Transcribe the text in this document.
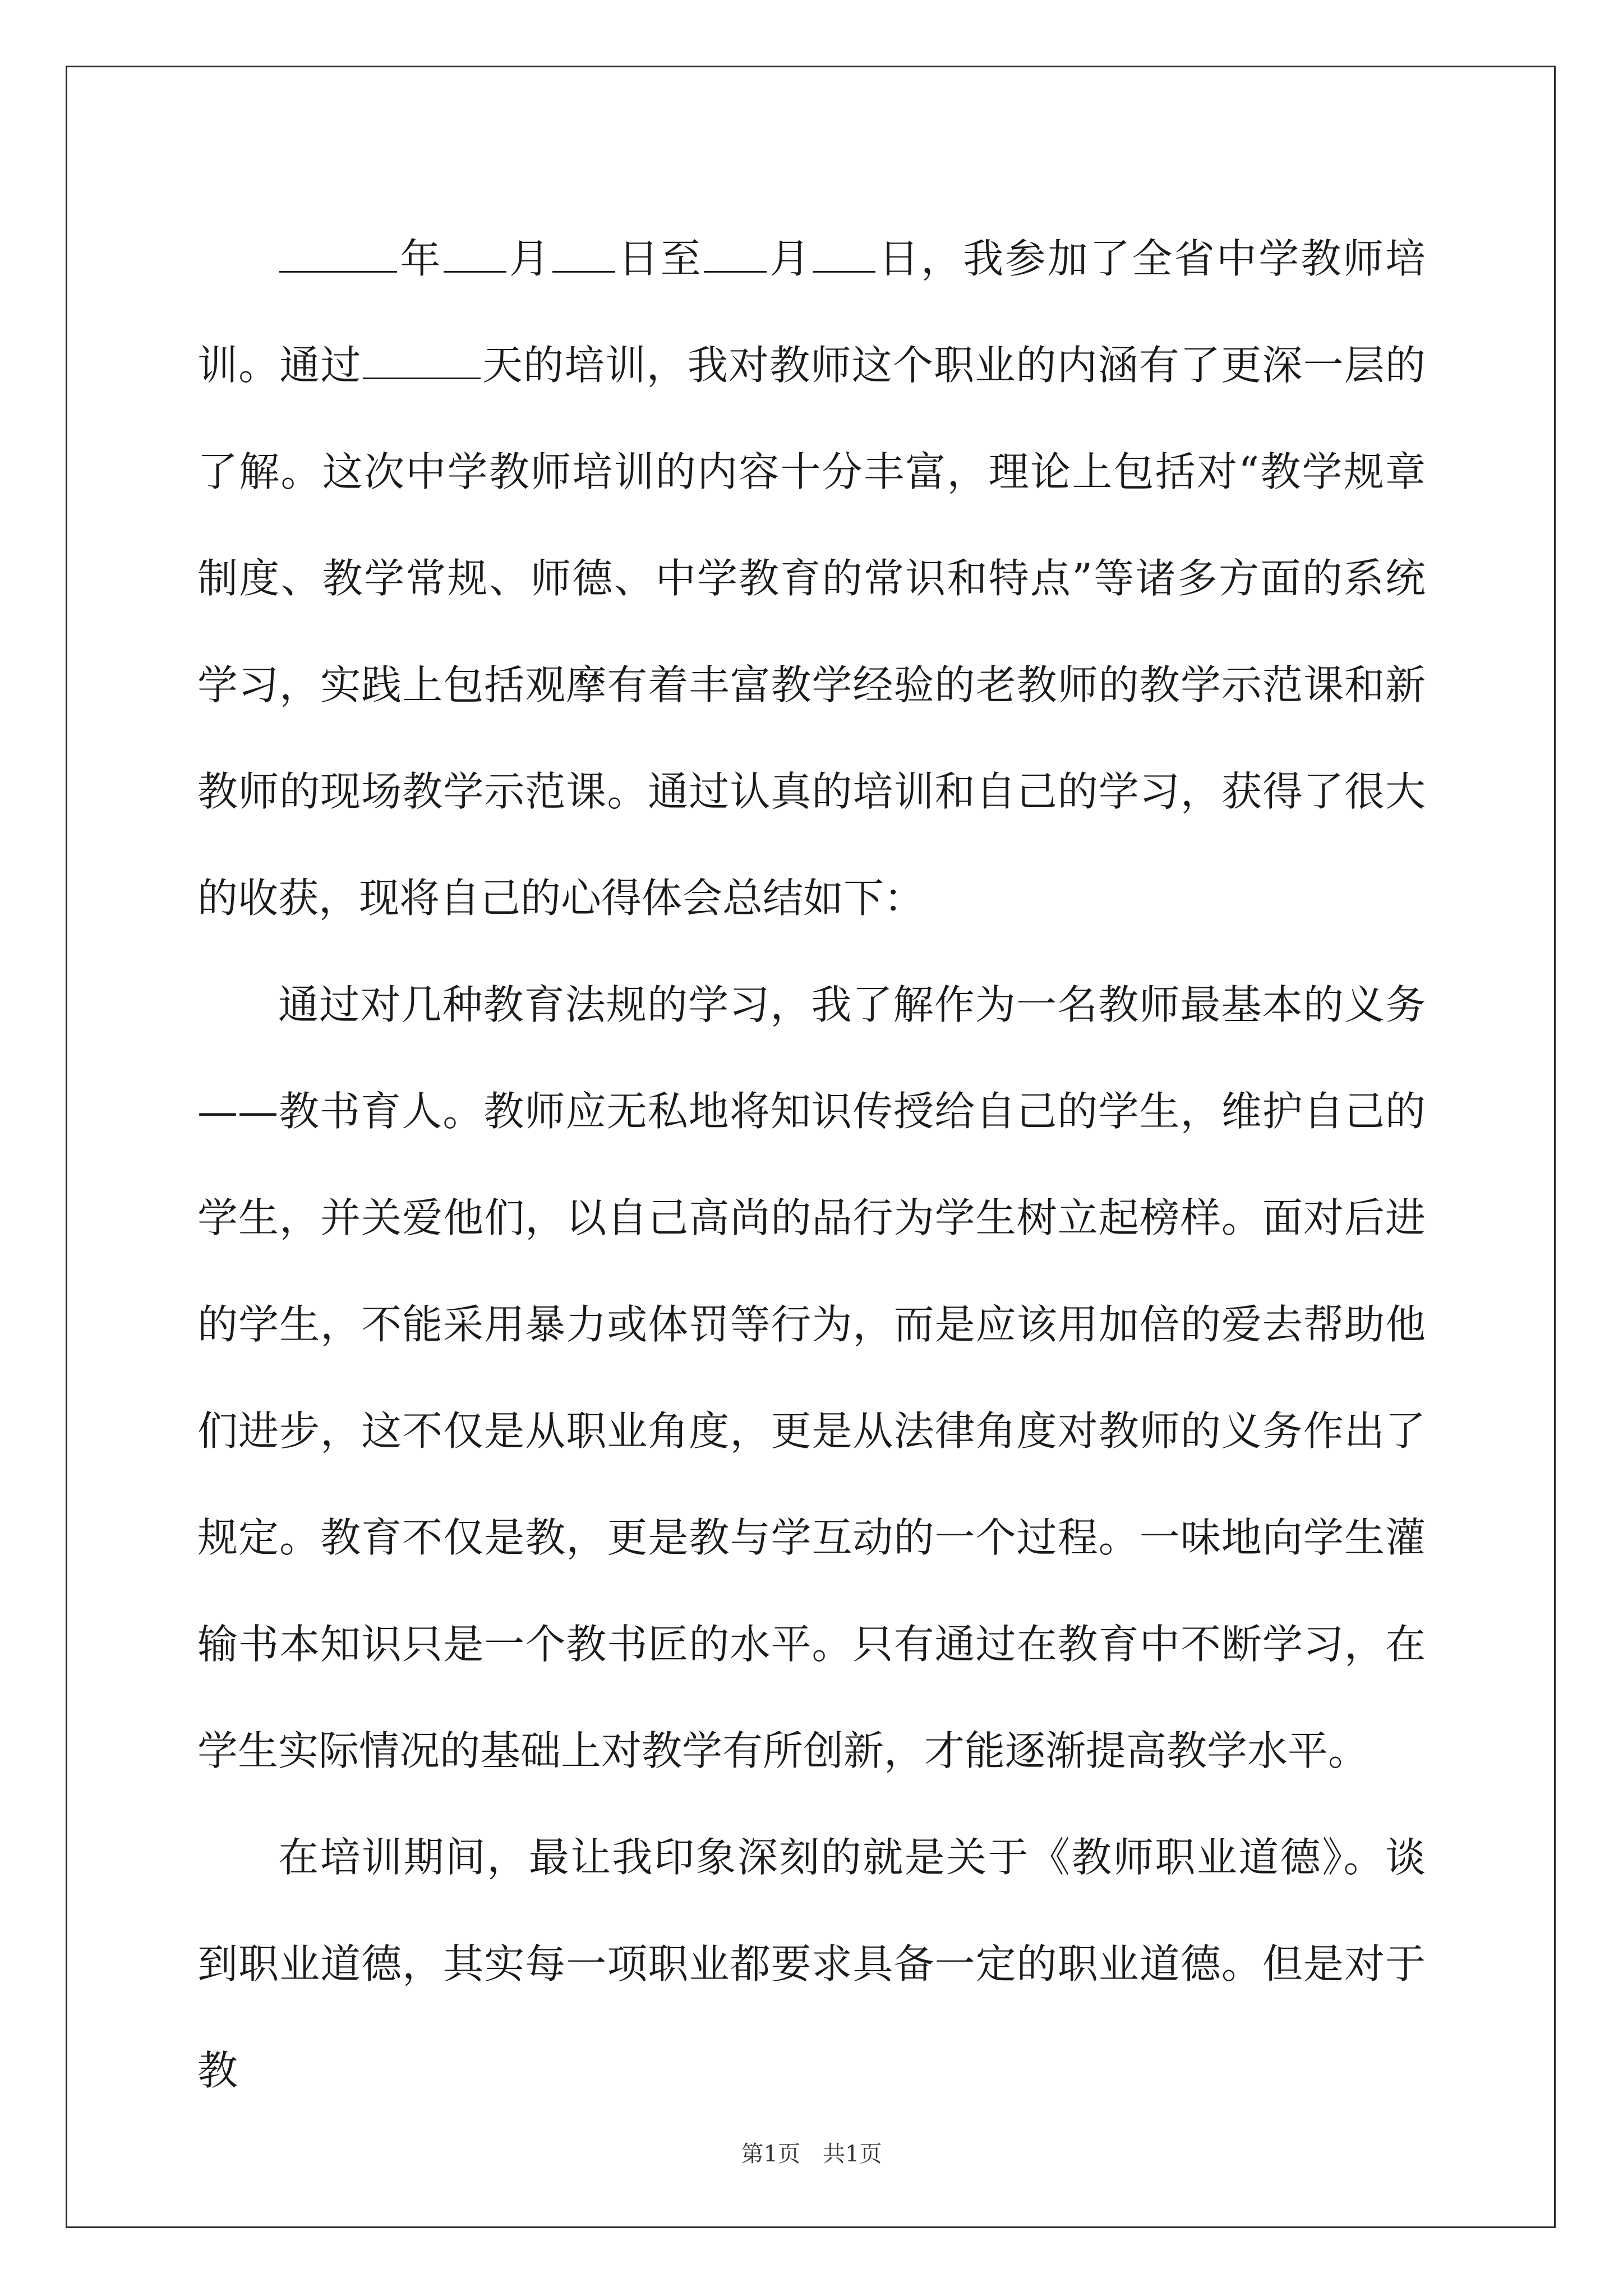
年 月 日至 月 日，我参加了全省中学教师培训。通过	天的培训，我对教师这个职业的内涵有了更深一层的了解。这次中学教师培训的内容十分丰富，理论上包括对“教学规章制度、教学常规、师德、中学教育的常识和特点”等诸多方面的系统学习，实践上包括观摩有着丰富教学经验的老教师的教学示范课和新教师的现场教学示范课。通过认真的培训和自己的学习，获得了很大的收获，现将自己的心得体会总结如下：

通过对几种教育法规的学习，我了解作为一名教师最基本的义务——教书育人。教师应无私地将知识传授给自己的学生，维护自己的学生，并关爱他们，以自己高尚的品行为学生树立起榜样。面对后进的学生，不能采用暴力或体罚等行为，而是应该用加倍的爱去帮助他们进步，这不仅是从职业角度，更是从法律角度对教师的义务作出了规定。教育不仅是教，更是教与学互动的一个过程。一味地向学生灌输书本知识只是一个教书匠的水平。只有通过在教育中不断学习，在学生实际情况的基础上对教学有所创新，才能逐渐提高教学水平。

在培训期间，最让我印象深刻的就是关于《教师职业道德》。谈到职业道德，其实每一项职业都要求具备一定的职业道德。但是对于教

第1页　共1页
